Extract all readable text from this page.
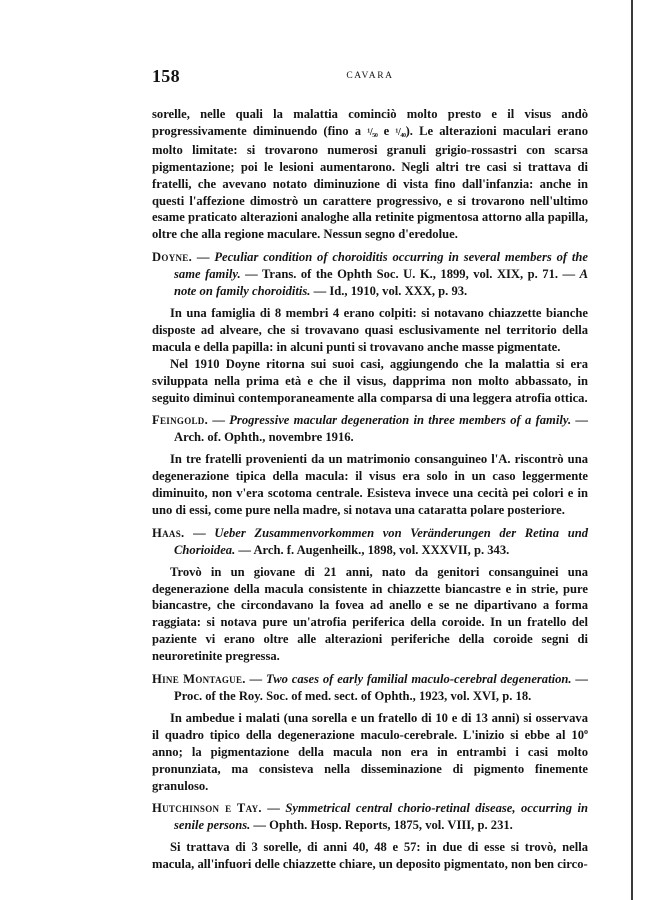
158	CAVARA

sorelle, nelle quali la malattia cominciò molto presto e il visus andò progressivamente diminuendo (fino a ¹/₅₀ e ¹/₄₀). Le alterazioni maculari erano molto limitate: si trovarono numerosi granuli grigio-rossastri con scarsa pigmentazione; poi le lesioni aumentarono. Negli altri tre casi si trattava di fratelli, che avevano notato diminuzione di vista fino dall'infanzia: anche in questi l'affezione dimostrò un carattere progressivo, e si trovarono nell'ultimo esame praticato alterazioni analoghe alla retinite pigmentosa attorno alla papilla, oltre che alla regione maculare. Nessun segno d'eredolue.

Doyne. — Peculiar condition of choroiditis occurring in several members of the same family. — Trans. of the Ophth Soc. U. K., 1899, vol. XIX, p. 71. — A note on family choroiditis. — Id., 1910, vol. XXX, p. 93.

In una famiglia di 8 membri 4 erano colpiti: si notavano chiazzette bianche disposte ad alveare, che si trovavano quasi esclusivamente nel territorio della macula e della papilla: in alcuni punti si trovavano anche masse pigmentate.

Nel 1910 Doyne ritorna sui suoi casi, aggiungendo che la malattia si era sviluppata nella prima età e che il visus, dapprima non molto abbassato, in seguito diminuì contemporaneamente alla comparsa di una leggera atrofia ottica.

Feingold. — Progressive macular degeneration in three members of a family. — Arch. of. Ophth., novembre 1916.

In tre fratelli provenienti da un matrimonio consanguineo l'A. riscontrò una degenerazione tipica della macula: il visus era solo in un caso leggermente diminuito, non v'era scotoma centrale. Esisteva invece una cecità pei colori e in uno di essi, come pure nella madre, si notava una cataratta polare posteriore.

Haas. — Ueber Zusammenvorkommen von Veränderungen der Retina und Chorioidea. — Arch. f. Augenheilk., 1898, vol. XXXVII, p. 343.

Trovò in un giovane di 21 anni, nato da genitori consanguinei una degenerazione della macula consistente in chiazzette biancastre e in strie, pure biancastre, che circondavano la fovea ad anello e se ne dipartivano a forma raggiata: si notava pure un'atrofia periferica della coroide. In un fratello del paziente vi erano oltre alle alterazioni periferiche della coroide segni di neuroretinite pregressa.

Hine Montague. — Two cases of early familial maculo-cerebral degeneration. — Proc. of the Roy. Soc. of med. sect. of Ophth., 1923, vol. XVI, p. 18.

In ambedue i malati (una sorella e un fratello di 10 e di 13 anni) si osservava il quadro tipico della degenerazione maculo-cerebrale. L'inizio si ebbe al 10$^o$ anno; la pigmentazione della macula non era in entrambi i casi molto pronunziata, ma consisteva nella disseminazione di pigmento finemente granuloso.

Hutchinson e Tay. — Symmetrical central chorio-retinal disease, occurring in senile persons. — Ophth. Hosp. Reports, 1875, vol. VIII, p. 231.

Si trattava di 3 sorelle, di anni 40, 48 e 57: in due di esse si trovò, nella macula, all'infuori delle chiazzette chiare, un deposito pigmentato, non ben circo-
